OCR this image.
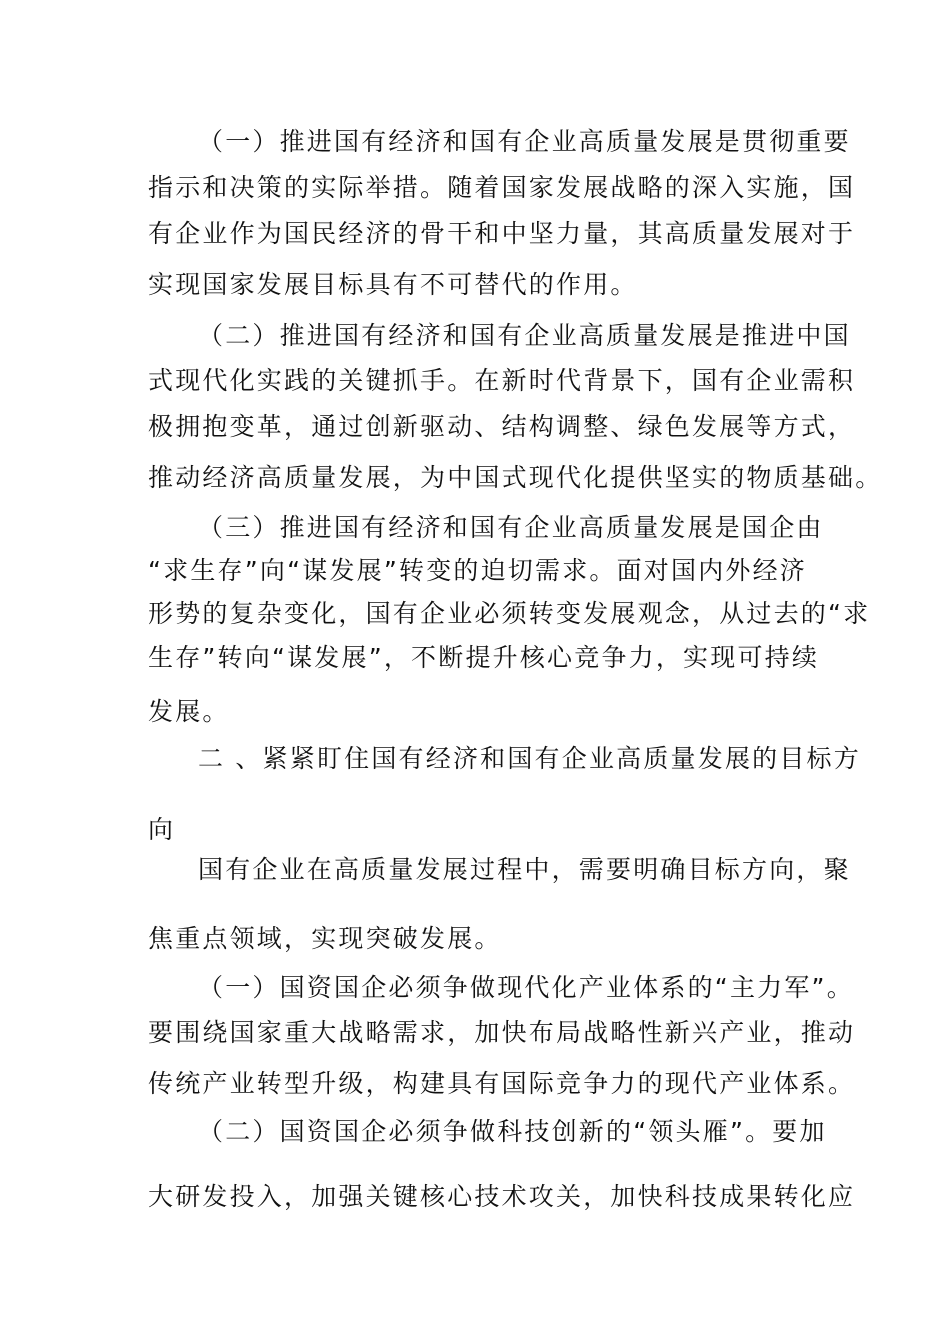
（一）推进国有经济和国有企业高质量发展是贯彻重要

指示和决策的实际举措。随着国家发展战略的深入实施，国

有企业作为国民经济的骨干和中坚力量，其高质量发展对于

实现国家发展目标具有不可替代的作用。

（二）推进国有经济和国有企业高质量发展是推进中国

式现代化实践的关键抓手。在新时代背景下，国有企业需积

极拥抱变革，通过创新驱动、结构调整、绿色发展等方式，

推动经济高质量发展，为中国式现代化提供坚实的物质基础。

（三）推进国有经济和国有企业高质量发展是国企由

“求生存”向“谋发展”转变的迫切需求。面对国内外经济

形势的复杂变化，国有企业必须转变发展观念，从过去的“求

生存”转向“谋发展”，不断提升核心竞争力，实现可持续

发展。

二 、紧紧盯住国有经济和国有企业高质量发展的目标方

向

国有企业在高质量发展过程中，需要明确目标方向，聚

焦重点领域，实现突破发展。

（一）国资国企必须争做现代化产业体系的“主力军”。

要围绕国家重大战略需求，加快布局战略性新兴产业，推动

传统产业转型升级，构建具有国际竞争力的现代产业体系。

（二）国资国企必须争做科技创新的“领头雁”。要加

大研发投入，加强关键核心技术攻关，加快科技成果转化应
